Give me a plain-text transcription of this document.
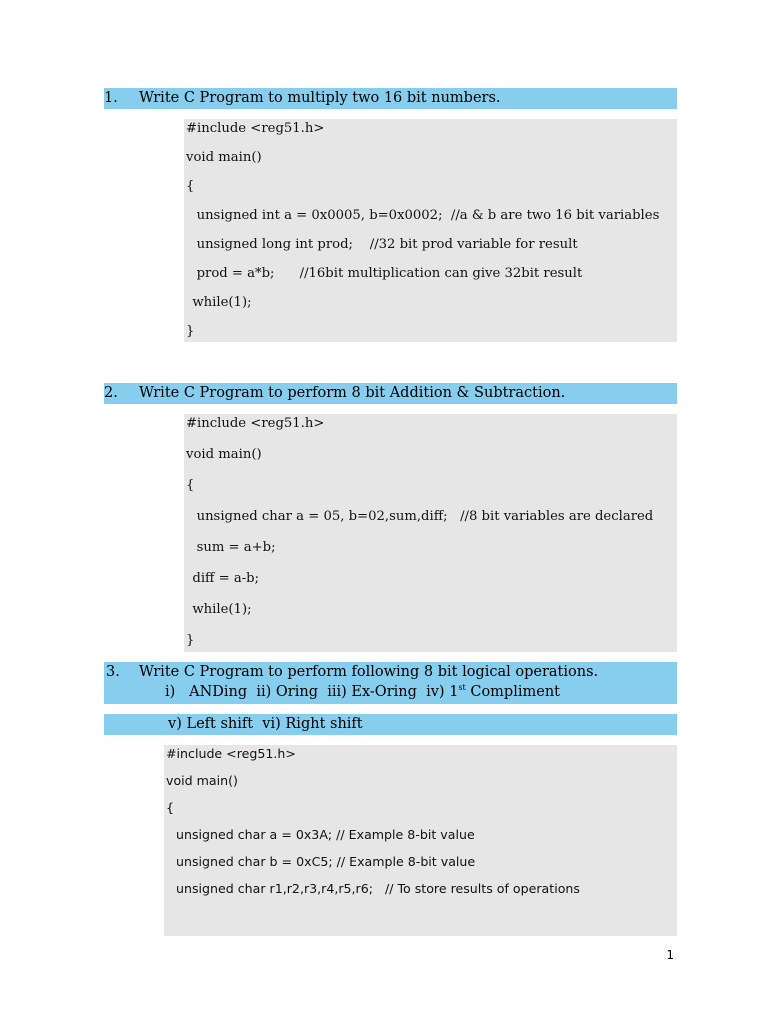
1. Write C Program to multiply two 16 bit numbers.
#include <reg51.h>
void main()
{
unsigned int a = 0x0005, b=0x0002;  //a & b are two 16 bit variables
unsigned long int prod;    //32 bit prod variable for result
prod = a*b;      //16bit multiplication can give 32bit result
while(1);
}
2. Write C Program to perform 8 bit Addition & Subtraction.
#include <reg51.h>
void main()
{
unsigned char a = 05, b=02,sum,diff;   //8 bit variables are declared
sum = a+b;
diff = a-b;
while(1);
}
3. Write C Program to perform following 8 bit logical operations.
i)   ANDing  ii) Oring  iii) Ex-Oring  iv) 1st Compliment
v) Left shift  vi) Right shift
#include <reg51.h>
void main()
{
unsigned char a = 0x3A; // Example 8-bit value
unsigned char b = 0xC5; // Example 8-bit value
unsigned char r1,r2,r3,r4,r5,r6;   // To store results of operations
1
